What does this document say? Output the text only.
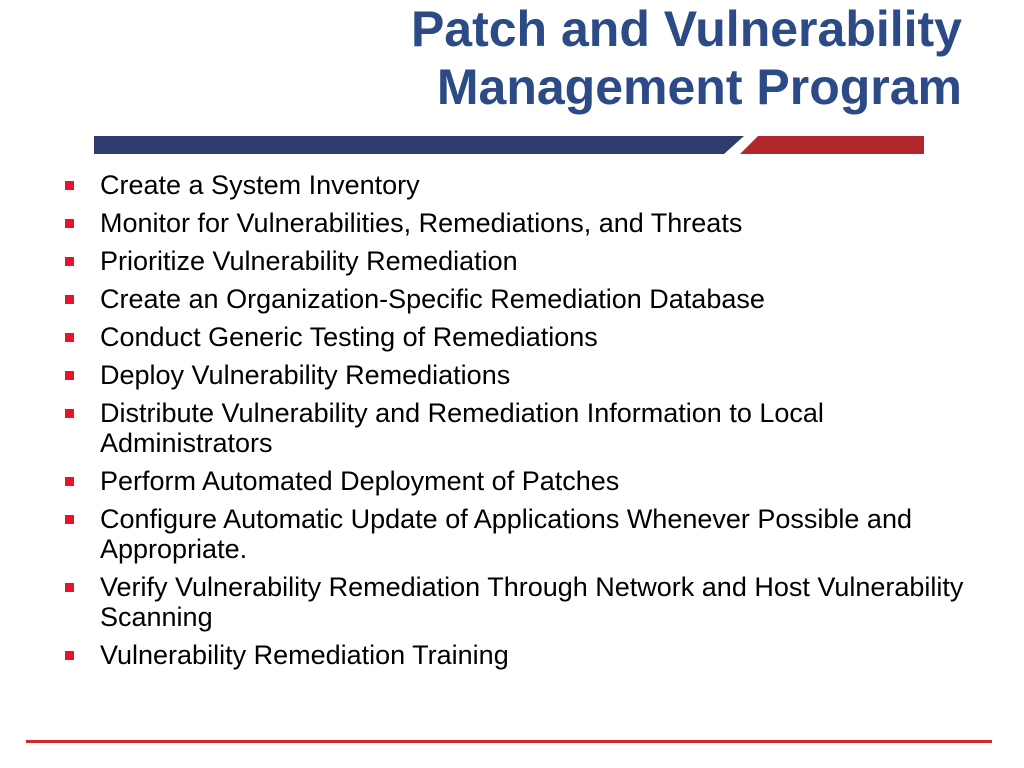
Patch and Vulnerability
Management Program
Create a System Inventory
Monitor for Vulnerabilities, Remediations, and Threats
Prioritize Vulnerability Remediation
Create an Organization-Specific Remediation Database
Conduct Generic Testing of Remediations
Deploy Vulnerability Remediations
Distribute Vulnerability and Remediation Information to Local Administrators
Perform Automated Deployment of Patches
Configure Automatic Update of Applications Whenever Possible and Appropriate.
Verify Vulnerability Remediation Through Network and Host Vulnerability Scanning
Vulnerability Remediation Training
